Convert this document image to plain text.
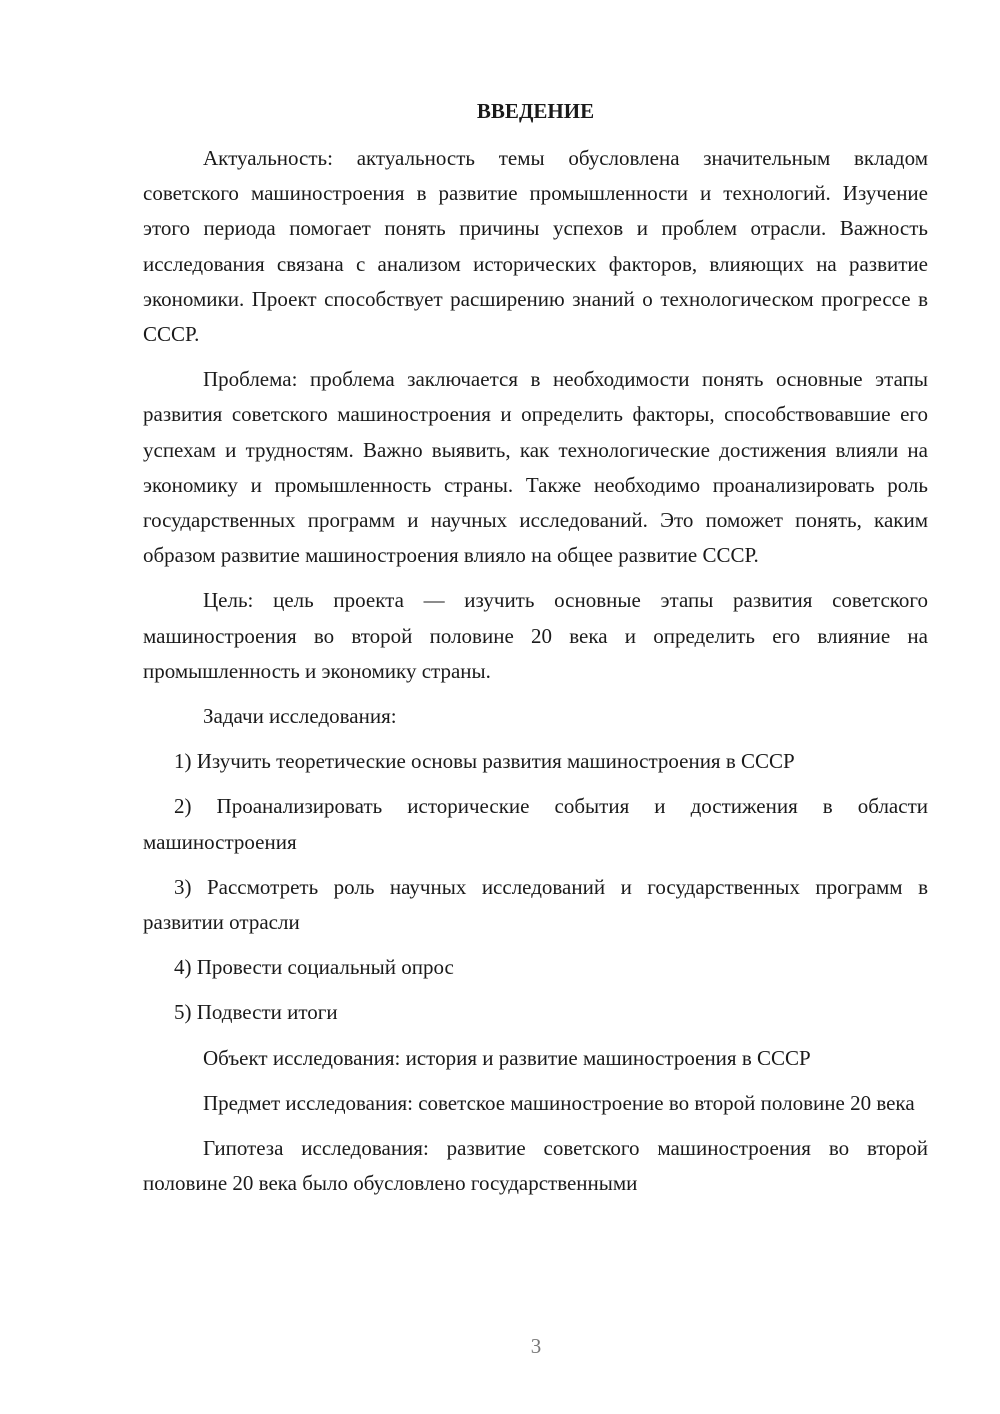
ВВЕДЕНИЕ

Актуальность: актуальность темы обусловлена значительным вкладом советского машиностроения в развитие промышленности и технологий. Изучение этого периода помогает понять причины успехов и проблем отрасли. Важность исследования связана с анализом исторических факторов, влияющих на развитие экономики. Проект способствует расширению знаний о технологическом прогрессе в СССР.

Проблема: проблема заключается в необходимости понять основные этапы развития советского машиностроения и определить факторы, способствовавшие его успехам и трудностям. Важно выявить, как технологические достижения влияли на экономику и промышленность страны. Также необходимо проанализировать роль государственных программ и научных исследований. Это поможет понять, каким образом развитие машиностроения влияло на общее развитие СССР.

Цель: цель проекта — изучить основные этапы развития советского машиностроения во второй половине 20 века и определить его влияние на промышленность и экономику страны.

Задачи исследования:

1) Изучить теоретические основы развития машиностроения в СССР

2) Проанализировать исторические события и достижения в области машиностроения

3) Рассмотреть роль научных исследований и государственных программ в развитии отрасли

4) Провести социальный опрос

5) Подвести итоги

Объект исследования: история и развитие машиностроения в СССР

Предмет исследования: советское машиностроение во второй половине 20 века

Гипотеза исследования: развитие советского машиностроения во второй половине 20 века было обусловлено государственными

3
